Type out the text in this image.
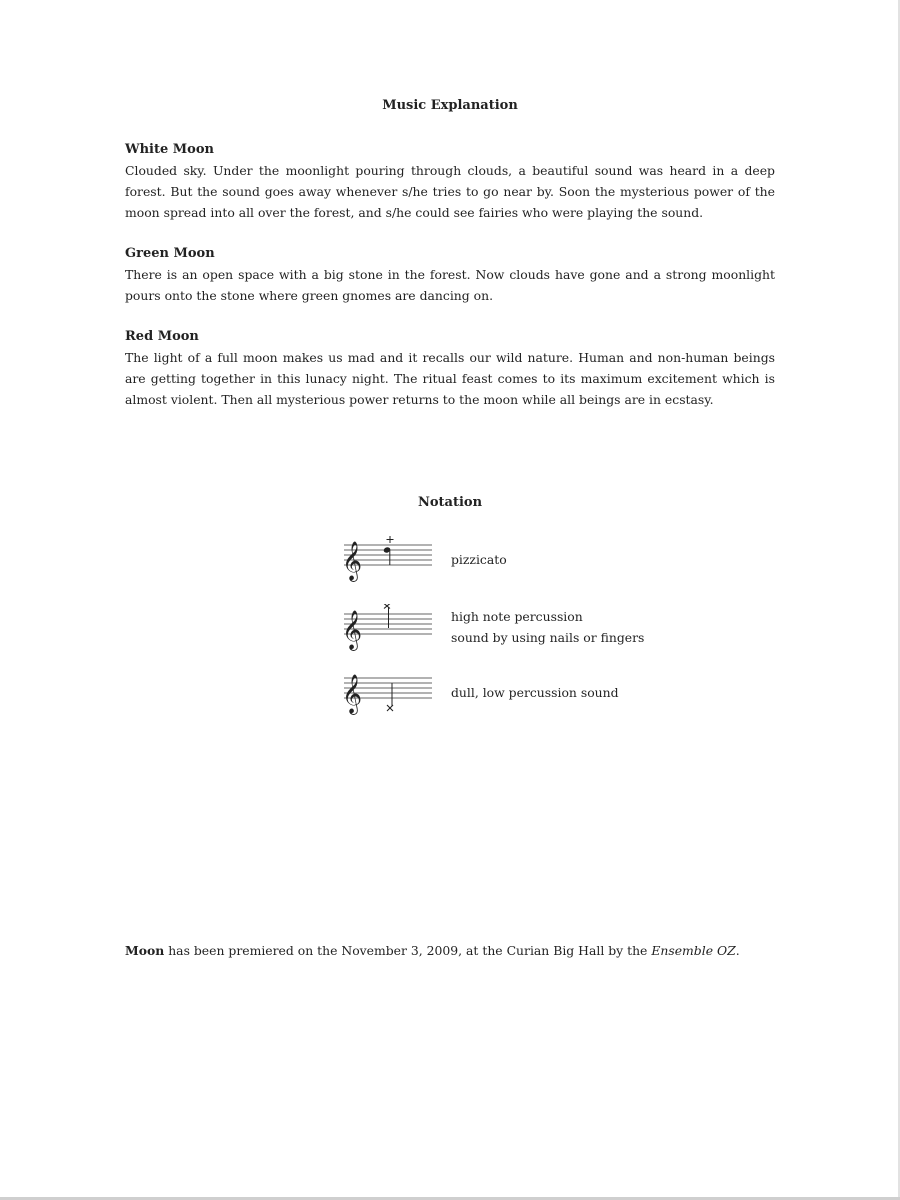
Music Explanation

White Moon

Clouded sky. Under the moonlight pouring through clouds, a beautiful sound was heard in a deep forest. But the sound goes away whenever s/he tries to go near by. Soon the mysterious power of the moon spread into all over the forest, and s/he could see fairies who were playing the sound.

Green Moon

There is an open space with a big stone in the forest. Now clouds have gone and a strong moonlight pours onto the stone where green gnomes are dancing on.

Red Moon

The light of a full moon makes us mad and it recalls our wild nature. Human and non-human beings are getting together in this lunacy night. The ritual feast comes to its maximum excitement which is almost violent. Then all mysterious power returns to the moon while all beings are in ecstasy.

Notation
𝄞	pizzicato
𝄞	high note percussion
sound by using nails or fingers
𝄞	dull, low percussion sound
Moon has been premiered on the November 3, 2009, at the Curian Big Hall by the Ensemble OZ.
